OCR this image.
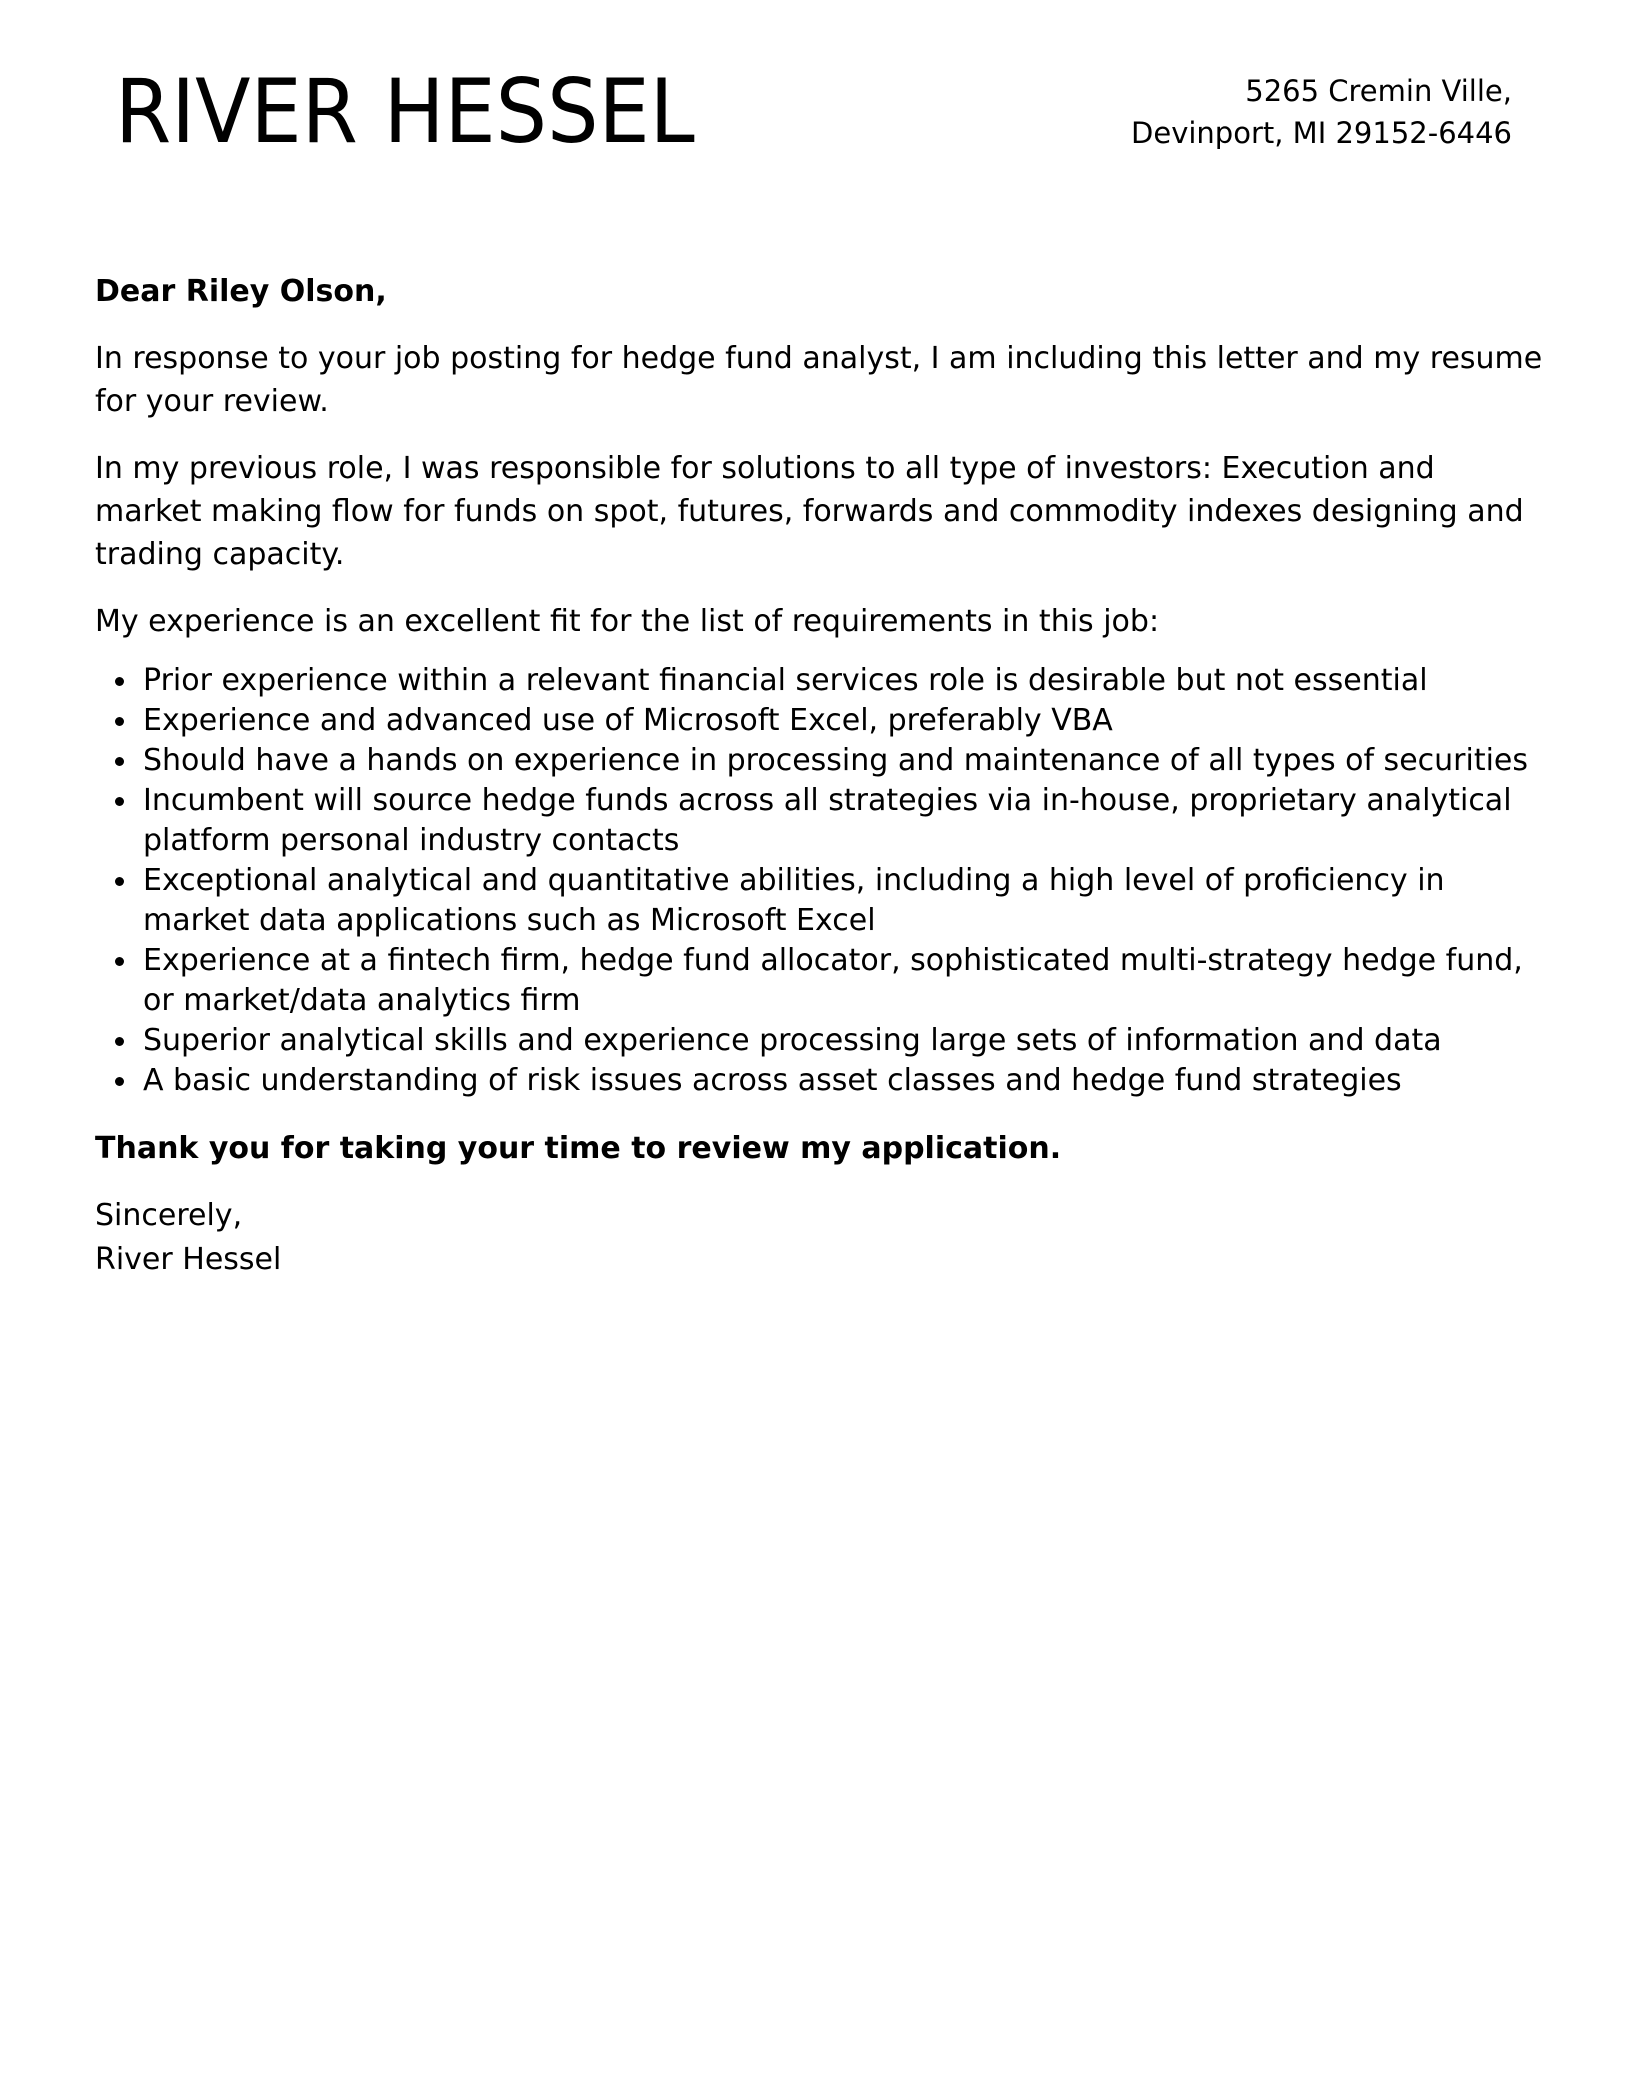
RIVER HESSEL	5265 Cremin Ville,
Devinport, MI 29152-6446

Dear Riley Olson,

In response to your job posting for hedge fund analyst, I am including this letter and my resume for your review.

In my previous role, I was responsible for solutions to all type of investors: Execution and market making flow for funds on spot, futures, forwards and commodity indexes designing and trading capacity.

My experience is an excellent fit for the list of requirements in this job:

Prior experience within a relevant financial services role is desirable but not essential
Experience and advanced use of Microsoft Excel, preferably VBA
Should have a hands on experience in processing and maintenance of all types of securities
Incumbent will source hedge funds across all strategies via in-house, proprietary analytical platform personal industry contacts
Exceptional analytical and quantitative abilities, including a high level of proficiency in market data applications such as Microsoft Excel
Experience at a fintech firm, hedge fund allocator, sophisticated multi-strategy hedge fund, or market/data analytics firm
Superior analytical skills and experience processing large sets of information and data
A basic understanding of risk issues across asset classes and hedge fund strategies

Thank you for taking your time to review my application.

Sincerely,
River Hessel
